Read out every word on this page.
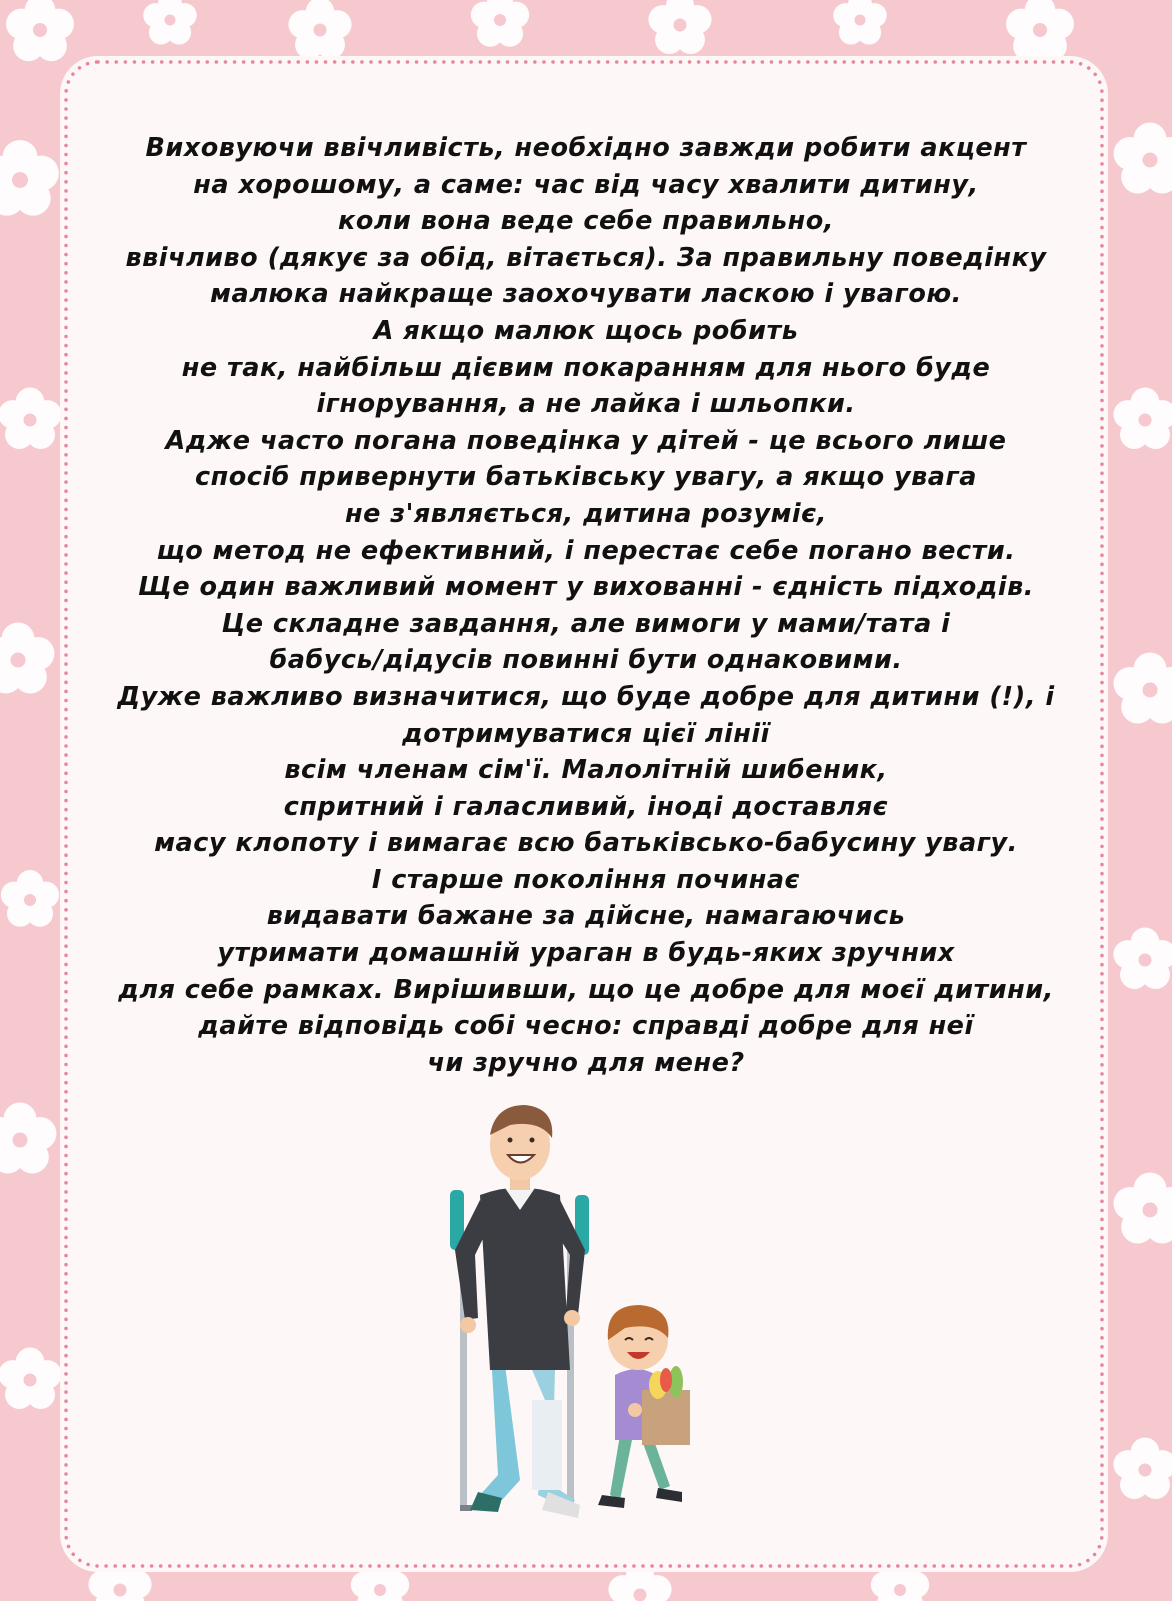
Виховуючи ввічливість, необхідно завжди робити акцент
на хорошому, а саме: час від часу хвалити дитину,
коли вона веде себе правильно,
ввічливо (дякує за обід, вітається). За правильну поведінку
малюка найкраще заохочувати ласкою і увагою.
А якщо малюк щось робить
не так, найбільш дієвим покаранням для нього буде
ігнорування, а не лайка і шльопки.
Адже часто погана поведінка у дітей - це всього лише
спосіб привернути батьківську увагу, а якщо увага
не з'являється, дитина розуміє,
що метод не ефективний, і перестає себе погано вести.
Ще один важливий момент у вихованні - єдність підходів.
Це складне завдання, але вимоги у мами/тата і
бабусь/дідусів повинні бути однаковими.
Дуже важливо визначитися, що буде добре для дитини (!), і
дотримуватися цієї лінії
всім членам сім'ї. Малолітній шибеник,
спритний і галасливий, іноді доставляє
масу клопоту і вимагає всю батьківсько-бабусину увагу.
І старше покоління починає
видавати бажане за дійсне, намагаючись
утримати домашній ураган в будь-яких зручних
для себе рамках. Вирішивши, що це добре для моєї дитини,
дайте відповідь собі чесно: справді добре для неї
чи зручно для мене?
